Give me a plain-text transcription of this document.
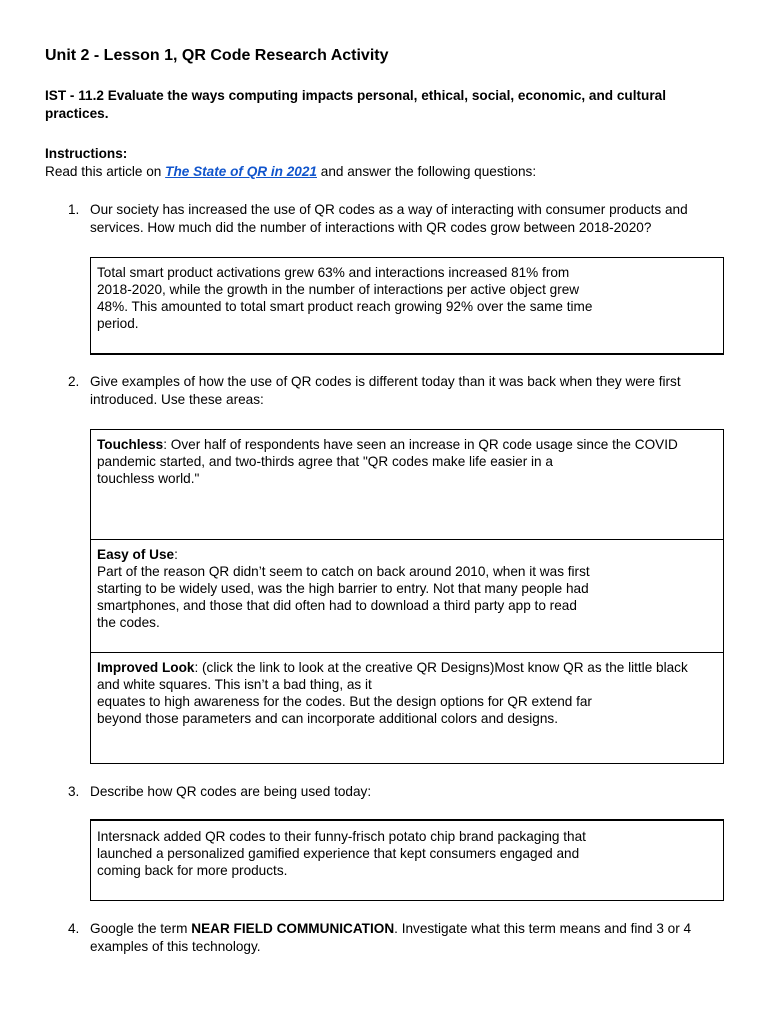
Unit 2 - Lesson 1, QR Code Research Activity
IST - 11.2 Evaluate the ways computing impacts personal, ethical, social, economic, and cultural practices.
Instructions:
Read this article on The State of QR in 2021 and answer the following questions:
1. Our society has increased the use of QR codes as a way of interacting with consumer products and services. How much did the number of interactions with QR codes grow between 2018-2020?
Total smart product activations grew 63% and interactions increased 81% from
2018-2020, while the growth in the number of interactions per active object grew
48%. This amounted to total smart product reach growing 92% over the same time
period.
2. Give examples of how the use of QR codes is different today than it was back when they were first introduced. Use these areas:
Touchless: Over half of respondents have seen an increase in QR code usage since the COVID
pandemic started, and two-thirds agree that "QR codes make life easier in a
touchless world."
Easy of Use:
Part of the reason QR didn’t seem to catch on back around 2010, when it was first
starting to be widely used, was the high barrier to entry. Not that many people had
smartphones, and those that did often had to download a third party app to read
the codes.
Improved Look: (click the link to look at the creative QR Designs)Most know QR as the little black
and white squares. This isn’t a bad thing, as it
equates to high awareness for the codes. But the design options for QR extend far
beyond those parameters and can incorporate additional colors and designs.
3. Describe how QR codes are being used today:
Intersnack added QR codes to their funny-frisch potato chip brand packaging that
launched a personalized gamified experience that kept consumers engaged and
coming back for more products.
4. Google the term NEAR FIELD COMMUNICATION. Investigate what this term means and find 3 or 4 examples of this technology.
